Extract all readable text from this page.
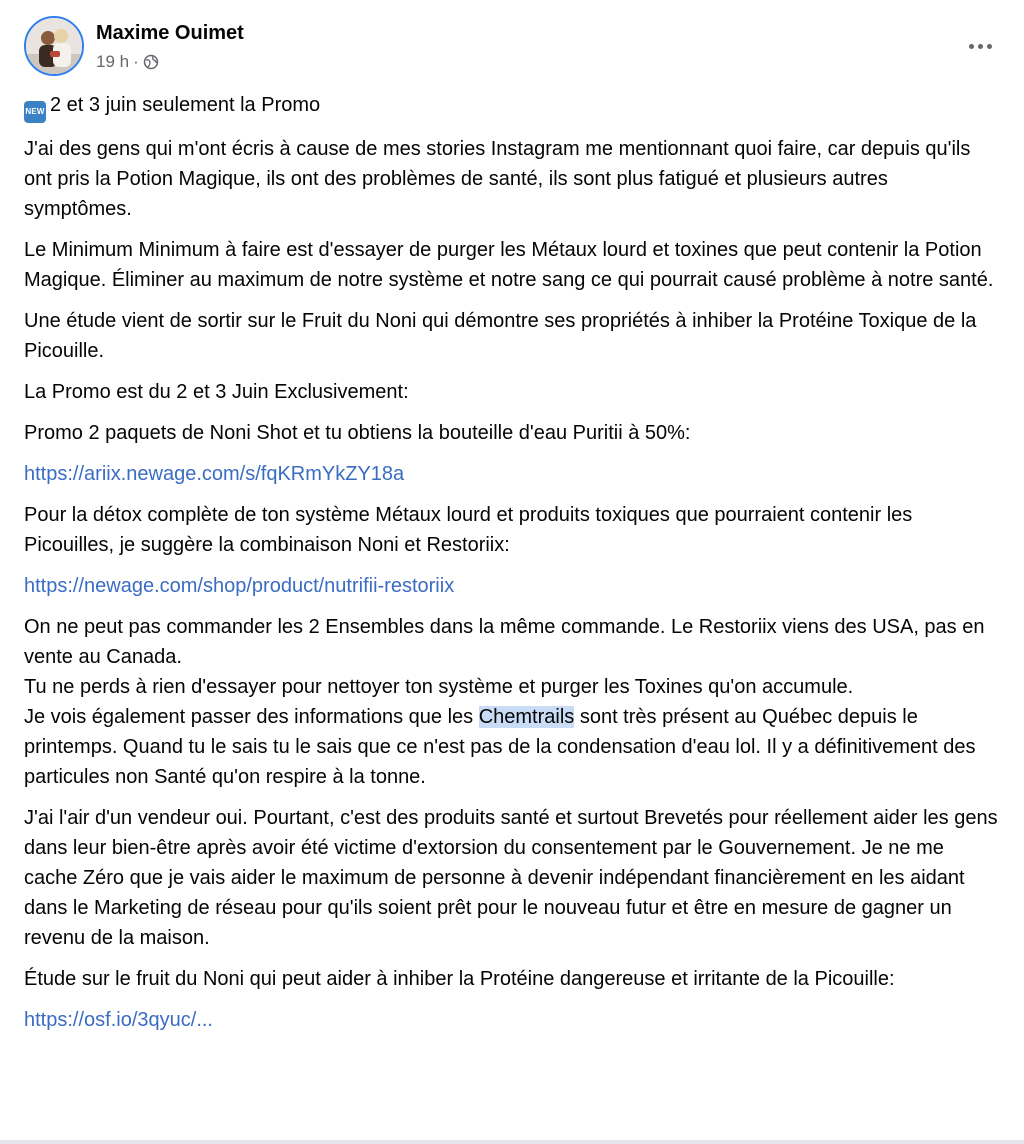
Maxime Ouimet
19 h ·

NEW 2 et 3 juin seulement la Promo

J'ai des gens qui m'ont écris à cause de mes stories Instagram me mentionnant quoi faire, car depuis qu'ils ont pris la Potion Magique, ils ont des problèmes de santé, ils sont plus fatigué et plusieurs autres symptômes.

Le Minimum Minimum à faire est d'essayer de purger les Métaux lourd et toxines que peut contenir la Potion Magique. Éliminer au maximum de notre système et notre sang ce qui pourrait causé problème à notre santé.

Une étude vient de sortir sur le Fruit du Noni qui démontre ses propriétés à inhiber la Protéine Toxique de la Picouille.

La Promo est du 2 et 3 Juin Exclusivement:

Promo 2 paquets de Noni Shot et tu obtiens la bouteille d'eau Puritii à 50%:

https://ariix.newage.com/s/fqKRmYkZY18a

Pour la détox complète de ton système Métaux lourd et produits toxiques que pourraient contenir les Picouilles, je suggère la combinaison Noni et Restoriix:

https://newage.com/shop/product/nutrifii-restoriix

On ne peut pas commander les 2 Ensembles dans la même commande. Le Restoriix viens des USA, pas en vente au Canada.
Tu ne perds à rien d'essayer pour nettoyer ton système et purger les Toxines qu'on accumule.
Je vois également passer des informations que les Chemtrails sont très présent au Québec depuis le printemps. Quand tu le sais tu le sais que ce n'est pas de la condensation d'eau lol. Il y a définitivement des particules non Santé qu'on respire à la tonne.

J'ai l'air d'un vendeur oui. Pourtant, c'est des produits santé et surtout Brevetés pour réellement aider les gens dans leur bien-être après avoir été victime d'extorsion du consentement par le Gouvernement. Je ne me cache Zéro que je vais aider le maximum de personne à devenir indépendant financièrement en les aidant dans le Marketing de réseau pour qu'ils soient prêt pour le nouveau futur et être en mesure de gagner un revenu de la maison.

Étude sur le fruit du Noni qui peut aider à inhiber la Protéine dangereuse et irritante de la Picouille:

https://osf.io/3qyuc/...
